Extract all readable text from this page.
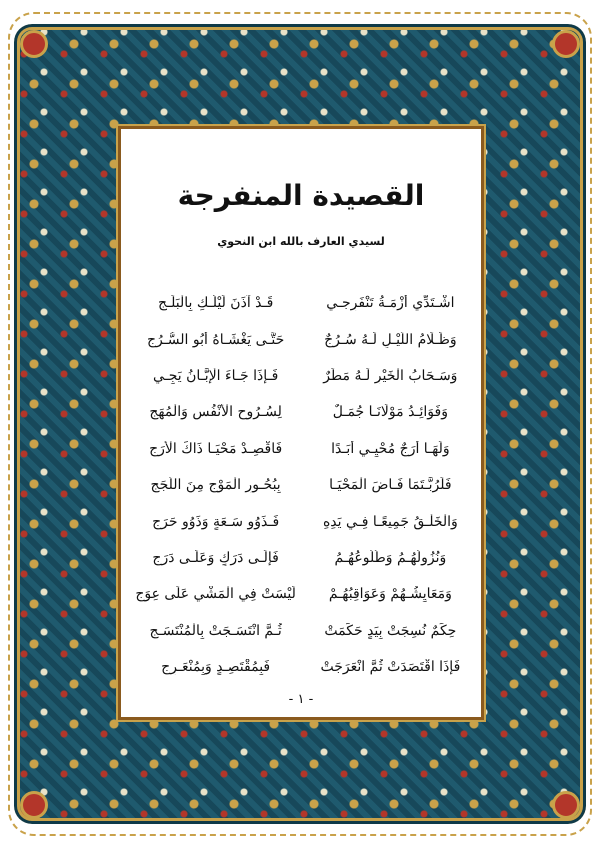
القصيدة المنفرجة
لسيدي العارف بالله ابن النحوي
اشْـتَدِّي أَزْمَـةُ تَنْفَرِجـي
قَـدْ آذَنَ لَيْلُـكِ بِالْبَلَـجِ
وَظَـلَامُ اللَّيْـلِ لَـهُ سُـرُجٌ
حَتَّـى يَغْشَـاهُ أَبُو السُّـرُجِ
وَسَـحَابُ الْخَيْرِ لَـهُ مَطَرٌ
فَـإِذَا جَـاءَ الْإِبَّـانُ يَجِـي
وَفَوَائِـدُ مَوْلَانَـا جُمَـلٌ
لِسُـرُوحِ الْأَنْفُسِ وَالْمُهَجِ
وَلَهَـا أَرَجٌ مُحْيِـي أَبَـدًا
فَاقْصِـدْ مَحْيَـا ذَاكَ الْأَرَجِ
فَلَرُبَّـتَمَا فَـاضَ الْمَحْيَـا
بِبُحُـورِ الْمَوْجِ مِنَ اللُّجَجِ
وَالْخَلْـقُ جَمِيعًـا فِـي يَدِهِ
فَـذَوُو سَـعَةٍ وَذَوُو حَرَجِ
وَنُزُولُهُـمُ وَطُلُوعُهُـمُ
فَإِلَـى دَرَكٍ وَعَلَـى دَرَجِ
وَمَعَايِشُـهُمْ وَعَوَاقِبُهُـمْ
لَيْسَتْ فِي الْمَشْيِ عَلَى عِوَجِ
حِكَمٌ نُسِجَتْ بِيَدٍ حَكَمَتْ
ثُـمَّ انْتَسَـجَتْ بِالْمُنْتَسَـجِ
فَإِذَا اقْتَصَدَتْ ثُمَّ انْعَرَجَتْ
فَبِمُقْتَصِـدٍ وَبِمُنْعَـرِجِ
- ١ -
